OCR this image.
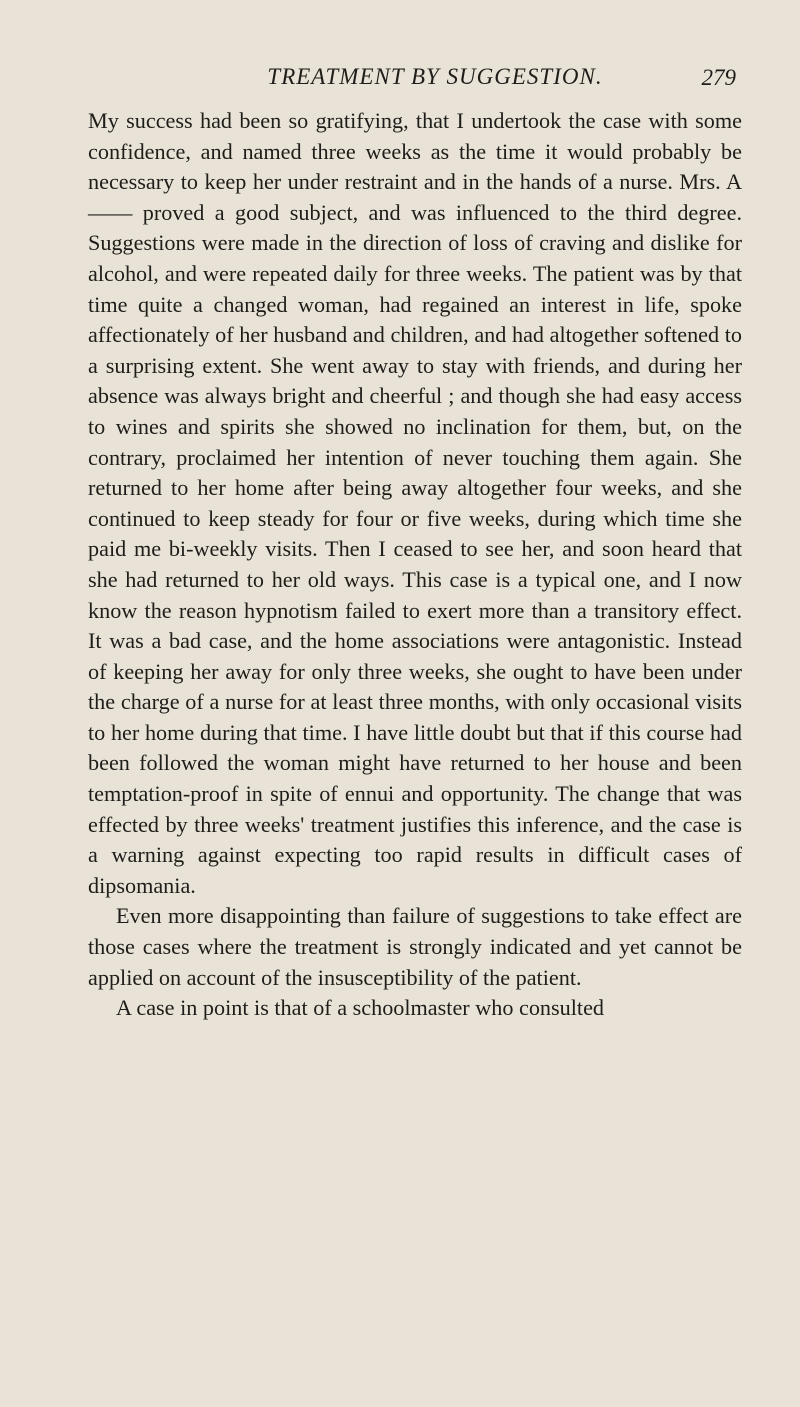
TREATMENT BY SUGGESTION.	279

My success had been so gratifying, that I undertook the case with some confidence, and named three weeks as the time it would probably be necessary to keep her under restraint and in the hands of a nurse. Mrs. A—— proved a good subject, and was influenced to the third degree. Suggestions were made in the direction of loss of craving and dislike for alcohol, and were repeated daily for three weeks. The patient was by that time quite a changed woman, had regained an interest in life, spoke affectionately of her husband and children, and had altogether softened to a surprising extent. She went away to stay with friends, and during her absence was always bright and cheerful ; and though she had easy access to wines and spirits she showed no inclination for them, but, on the contrary, proclaimed her intention of never touching them again. She returned to her home after being away altogether four weeks, and she continued to keep steady for four or five weeks, during which time she paid me bi-weekly visits. Then I ceased to see her, and soon heard that she had returned to her old ways. This case is a typical one, and I now know the reason hypnotism failed to exert more than a transitory effect. It was a bad case, and the home associations were antagonistic. Instead of keeping her away for only three weeks, she ought to have been under the charge of a nurse for at least three months, with only occasional visits to her home during that time. I have little doubt but that if this course had been followed the woman might have returned to her house and been temptation-proof in spite of ennui and opportunity. The change that was effected by three weeks' treatment justifies this inference, and the case is a warning against expecting too rapid results in difficult cases of dipsomania.

Even more disappointing than failure of suggestions to take effect are those cases where the treatment is strongly indicated and yet cannot be applied on account of the insusceptibility of the patient.

A case in point is that of a schoolmaster who consulted
